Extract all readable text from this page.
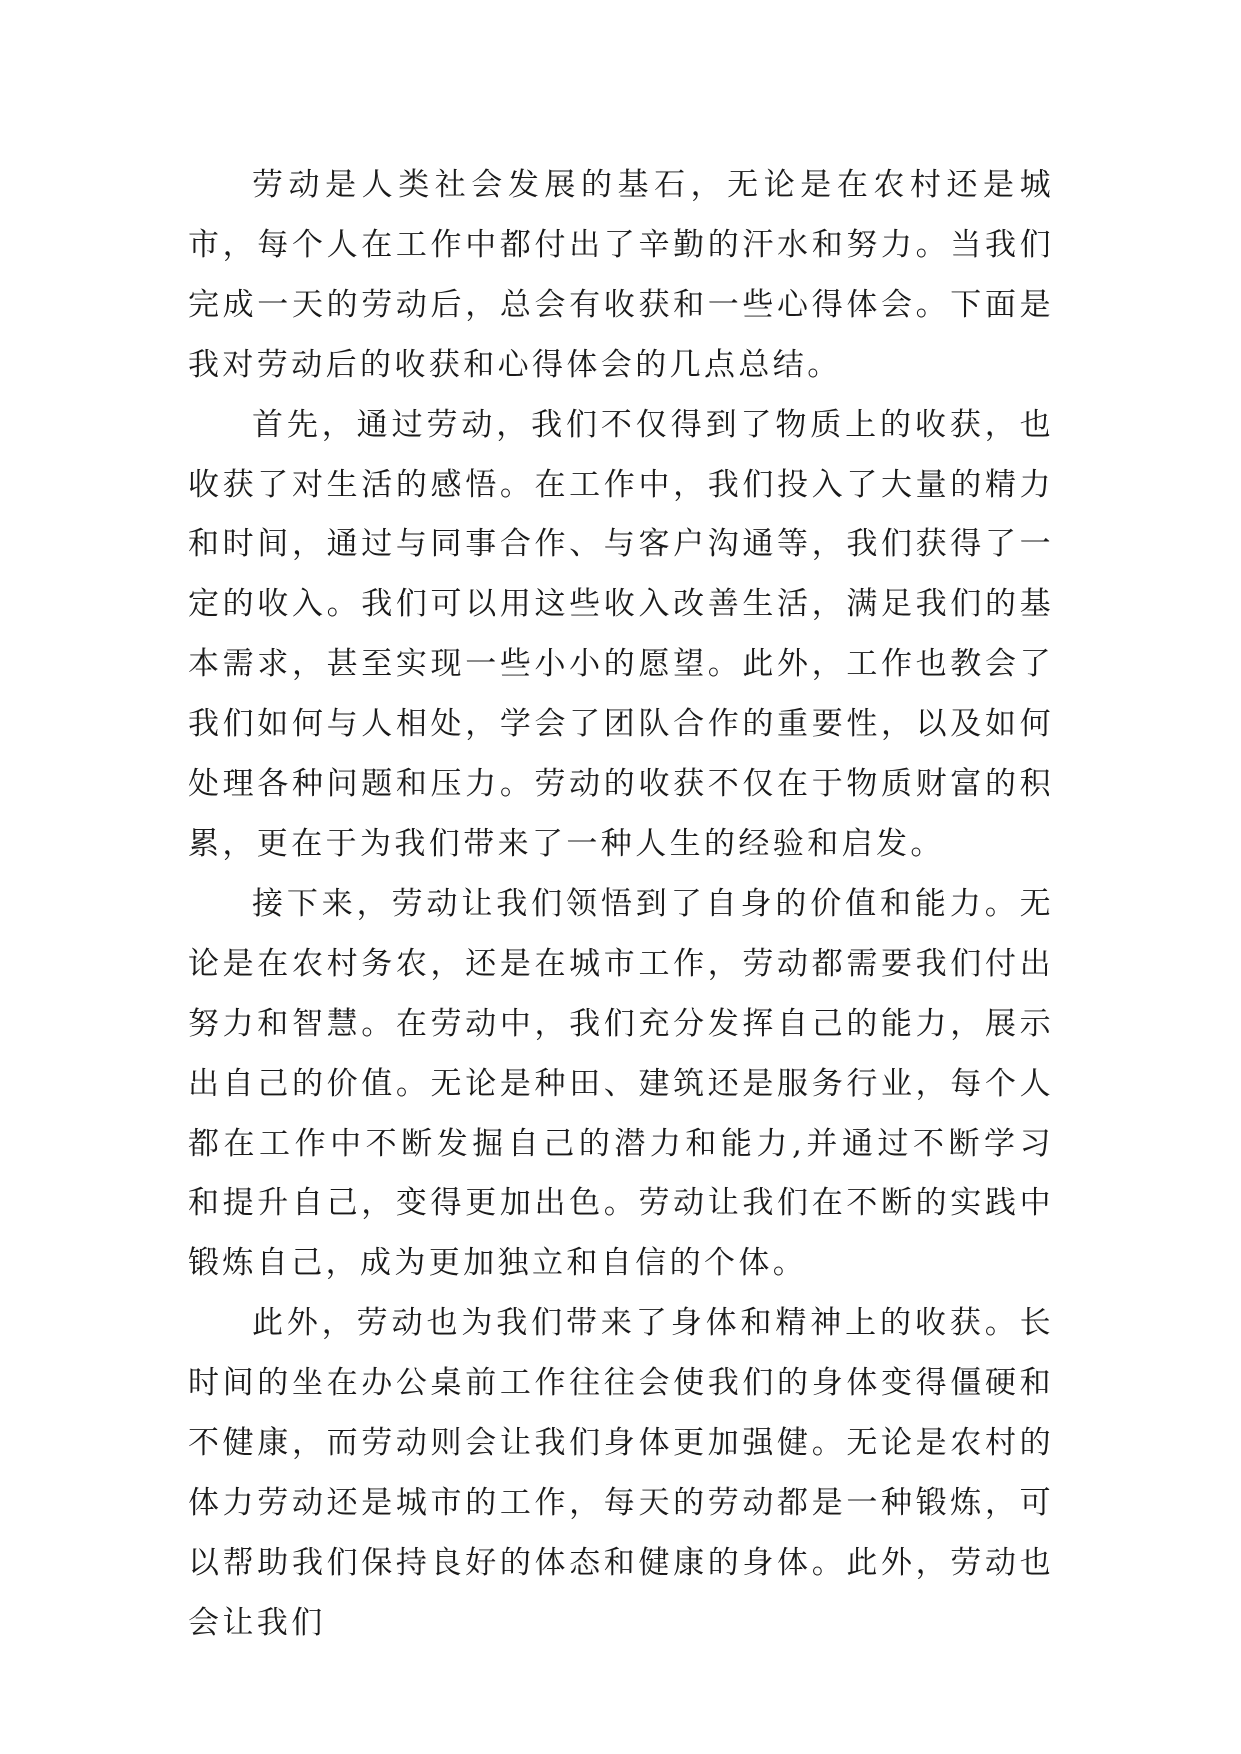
劳动是人类社会发展的基石，无论是在农村还是城市，每个人在工作中都付出了辛勤的汗水和努力。当我们完成一天的劳动后，总会有收获和一些心得体会。下面是我对劳动后的收获和心得体会的几点总结。

首先，通过劳动，我们不仅得到了物质上的收获，也收获了对生活的感悟。在工作中，我们投入了大量的精力和时间，通过与同事合作、与客户沟通等，我们获得了一定的收入。我们可以用这些收入改善生活，满足我们的基本需求，甚至实现一些小小的愿望。此外，工作也教会了我们如何与人相处，学会了团队合作的重要性，以及如何处理各种问题和压力。劳动的收获不仅在于物质财富的积累，更在于为我们带来了一种人生的经验和启发。

接下来，劳动让我们领悟到了自身的价值和能力。无论是在农村务农，还是在城市工作，劳动都需要我们付出努力和智慧。在劳动中，我们充分发挥自己的能力，展示出自己的价值。无论是种田、建筑还是服务行业，每个人都在工作中不断发掘自己的潜力和能力,并通过不断学习和提升自己，变得更加出色。劳动让我们在不断的实践中锻炼自己，成为更加独立和自信的个体。

此外，劳动也为我们带来了身体和精神上的收获。长时间的坐在办公桌前工作往往会使我们的身体变得僵硬和不健康，而劳动则会让我们身体更加强健。无论是农村的体力劳动还是城市的工作，每天的劳动都是一种锻炼，可以帮助我们保持良好的体态和健康的身体。此外，劳动也会让我们
